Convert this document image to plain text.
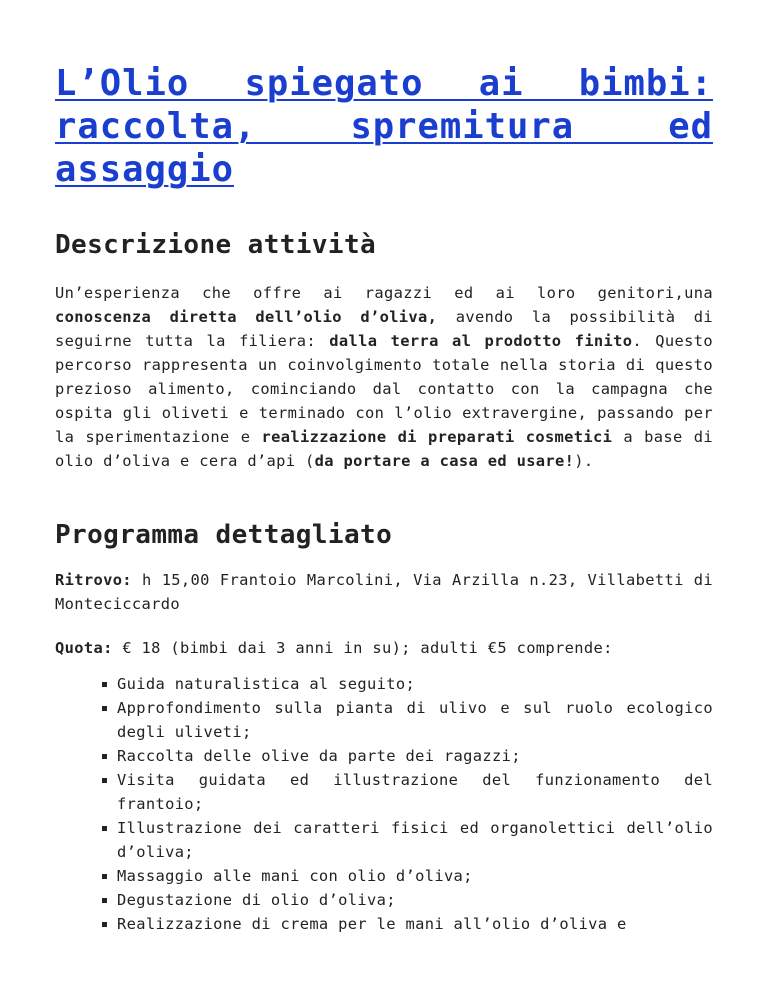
L’Olio spiegato ai bimbi: raccolta, spremitura ed assaggio
Descrizione attività

Un’esperienza che offre ai ragazzi ed ai loro genitori,una conoscenza diretta dell’olio d’oliva, avendo la possibilità di seguirne tutta la filiera: dalla terra al prodotto finito. Questo percorso rappresenta un coinvolgimento totale nella storia di questo prezioso alimento, cominciando dal contatto con la campagna che ospita gli oliveti e terminado con l’olio extravergine, passando per la sperimentazione e realizzazione di preparati cosmetici a base di olio d’oliva e cera d’api (da portare a casa ed usare!).

Programma dettagliato

Ritrovo: h 15,00 Frantoio Marcolini, Via Arzilla n.23, Villabetti di Monteciccardo

Quota: € 18 (bimbi dai 3 anni in su); adulti €5 comprende:

Guida naturalistica al seguito;
Approfondimento sulla pianta di ulivo e sul ruolo ecologico degli uliveti;
Raccolta delle olive da parte dei ragazzi;
Visita guidata ed illustrazione del funzionamento del frantoio;
Illustrazione dei caratteri fisici ed organolettici dell’olio d’oliva;
Massaggio alle mani con olio d’oliva;
Degustazione di olio d’oliva;
Realizzazione di crema per le mani all’olio d’oliva e
